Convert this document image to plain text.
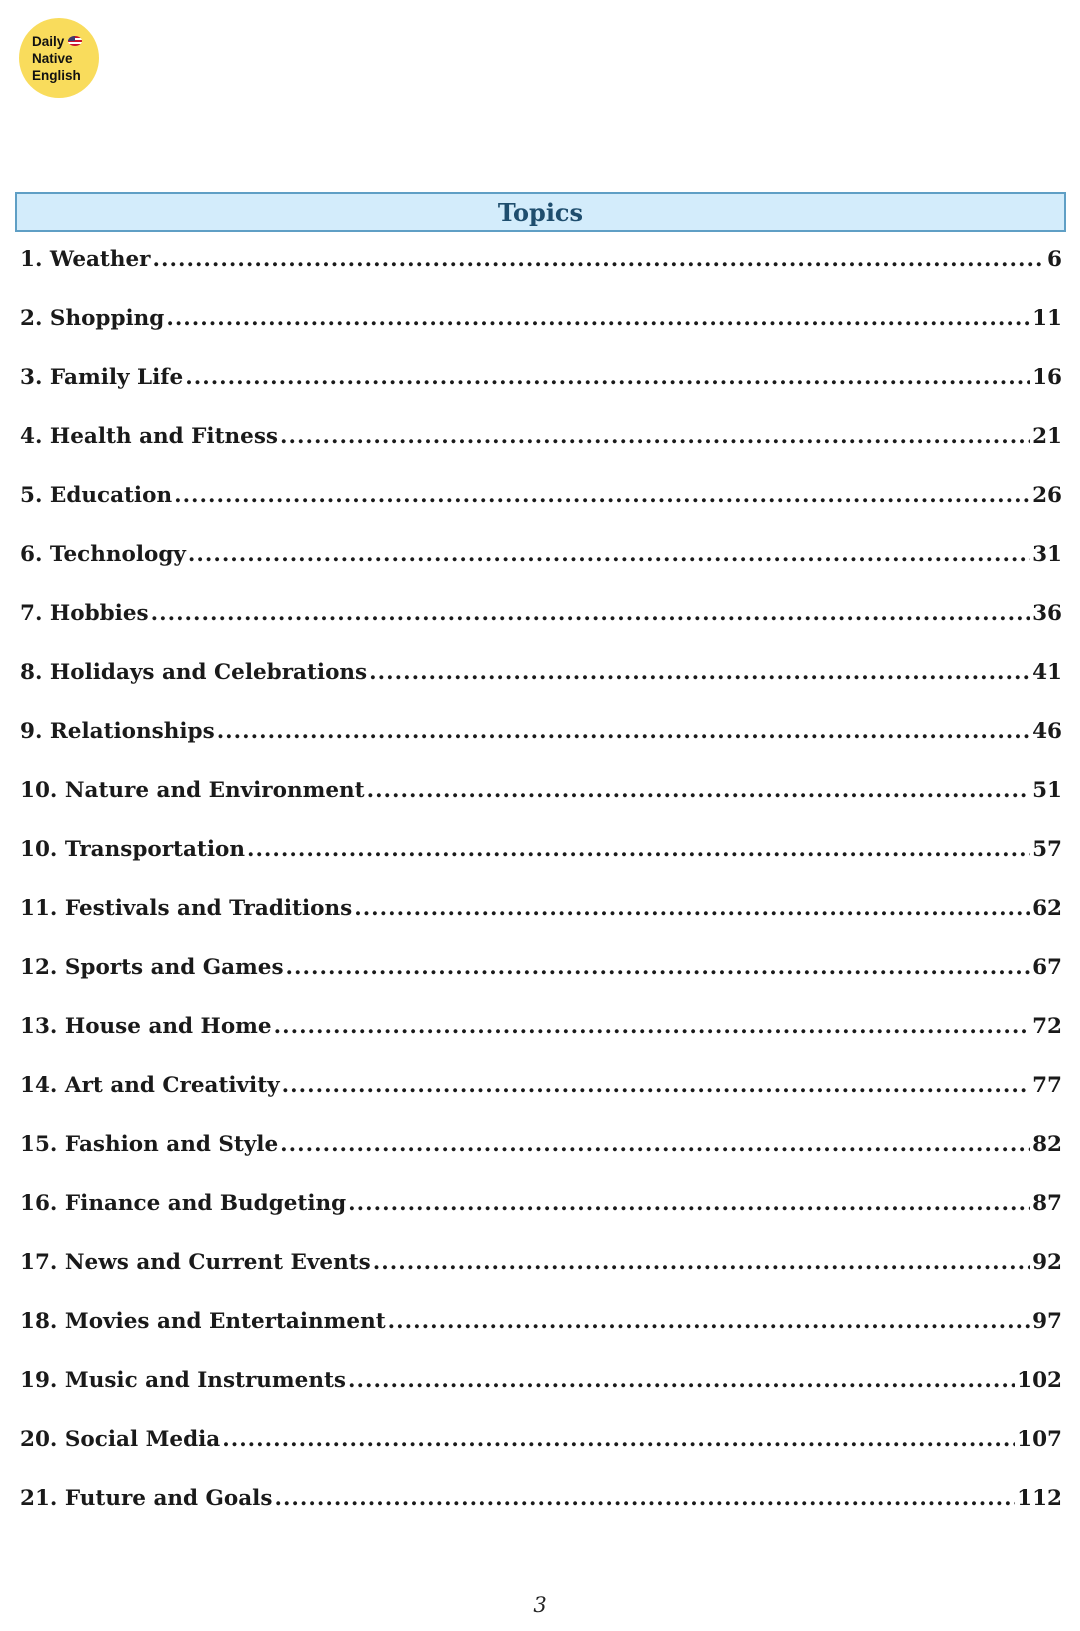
Daily
Native
English
Topics
1. Weather .....	6
2. Shopping .....	11
3. Family Life .....	16
4. Health and Fitness .....	21
5. Education .....	26
6. Technology .....	31
7. Hobbies .....	36
8. Holidays and Celebrations .....	41
9. Relationships .....	46
10. Nature and Environment .....	51
10. Transportation .....	57
11. Festivals and Traditions .....	62
12. Sports and Games .....	67
13. House and Home .....	72
14. Art and Creativity .....	77
15. Fashion and Style .....	82
16. Finance and Budgeting .....	87
17. News and Current Events .....	92
18. Movies and Entertainment .....	97
19. Music and Instruments .....	102
20. Social Media .....	107
21. Future and Goals .....	112
3
